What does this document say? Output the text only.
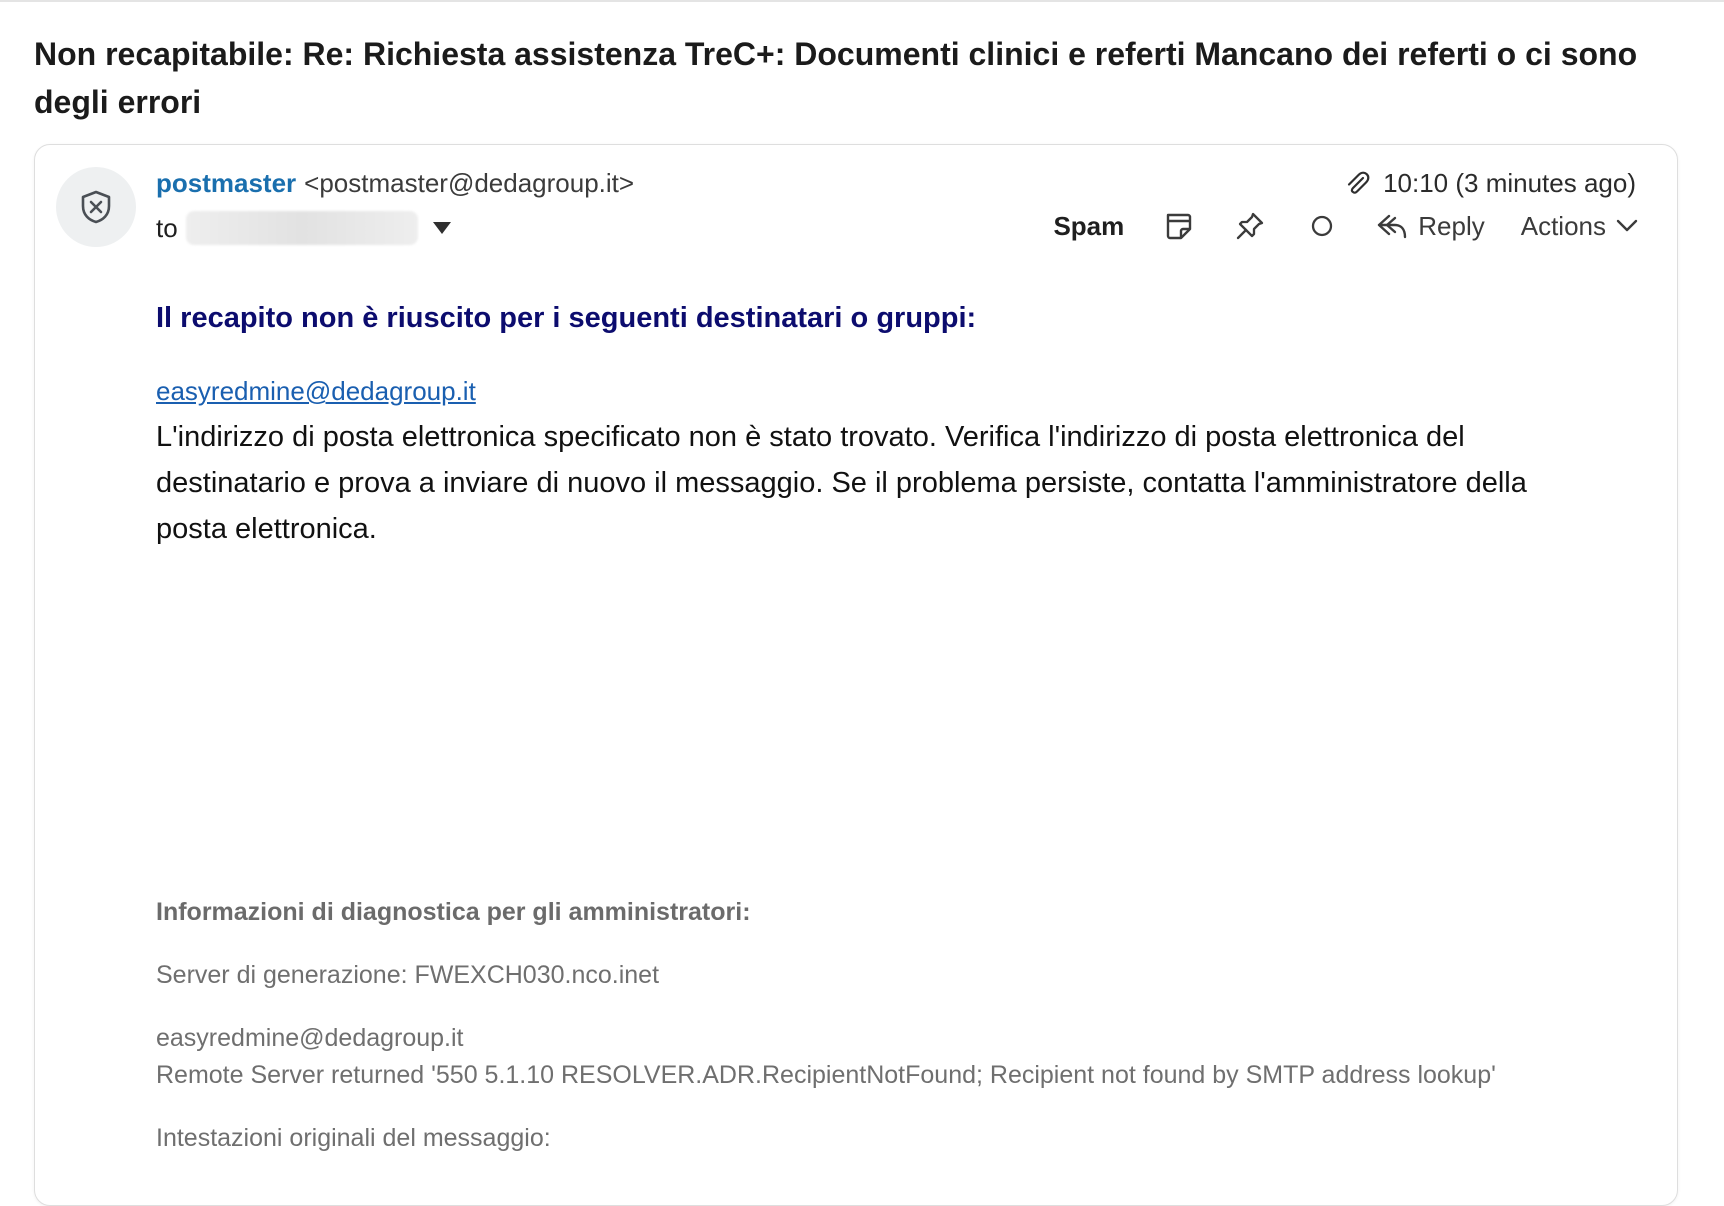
Non recapitabile: Re: Richiesta assistenza TreC+: Documenti clinici e referti Mancano dei referti o ci sono degli errori
postmaster <postmaster@dedagroup.it>
to
10:10 (3 minutes ago)
Spam	Reply Actions
Il recapito non è riuscito per i seguenti destinatari o gruppi:
easyredmine@dedagroup.it
L'indirizzo di posta elettronica specificato non è stato trovato. Verifica l'indirizzo di posta elettronica del destinatario e prova a inviare di nuovo il messaggio. Se il problema persiste, contatta l'amministratore della posta elettronica.
Informazioni di diagnostica per gli amministratori:
Server di generazione: FWEXCH030.nco.inet
easyredmine@dedagroup.it
Remote Server returned '550 5.1.10 RESOLVER.ADR.RecipientNotFound; Recipient not found by SMTP address lookup'
Intestazioni originali del messaggio:
